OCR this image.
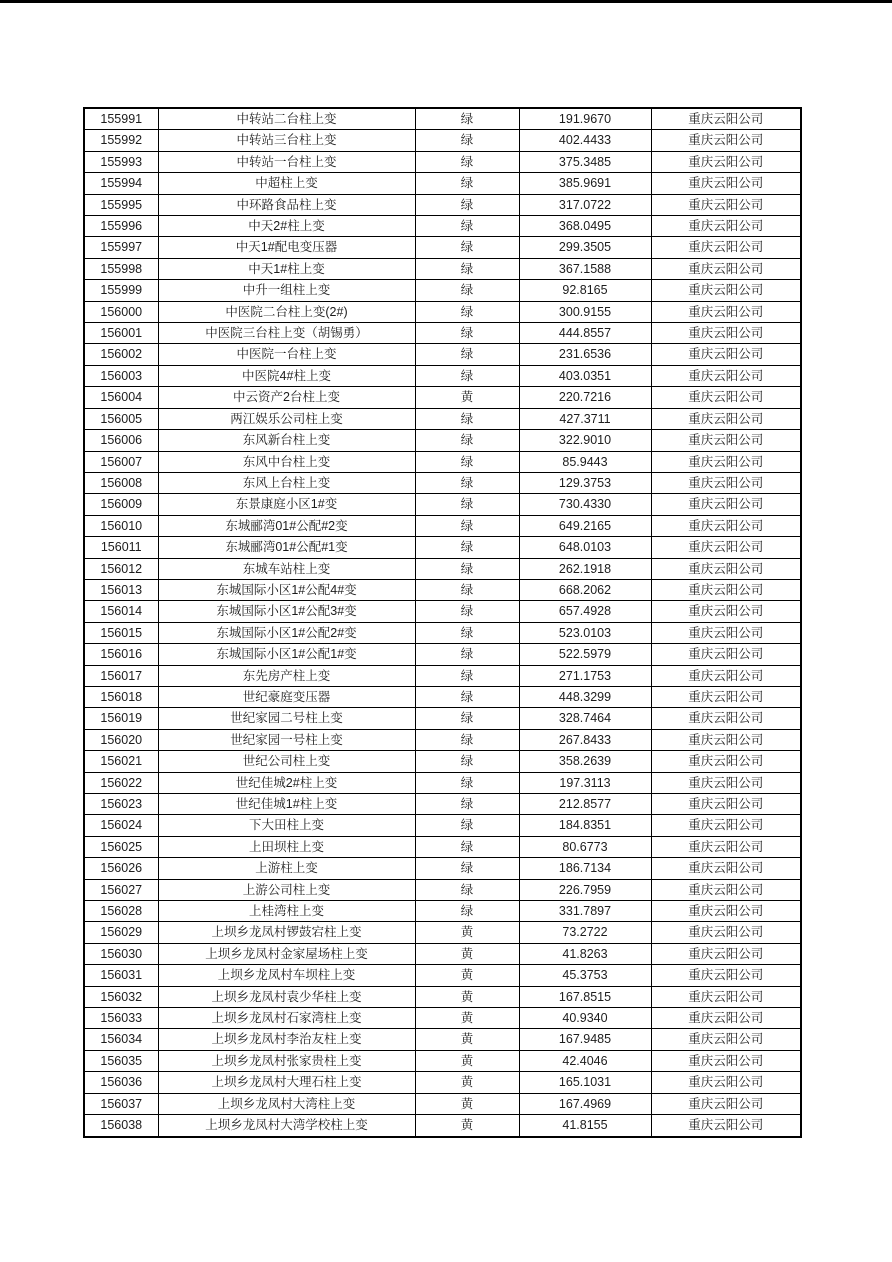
155991	中转站二台柱上变	绿	191.9670	重庆云阳公司
155992	中转站三台柱上变	绿	402.4433	重庆云阳公司
155993	中转站一台柱上变	绿	375.3485	重庆云阳公司
155994	中超柱上变	绿	385.9691	重庆云阳公司
155995	中环路食品柱上变	绿	317.0722	重庆云阳公司
155996	中天2#柱上变	绿	368.0495	重庆云阳公司
155997	中天1#配电变压器	绿	299.3505	重庆云阳公司
155998	中天1#柱上变	绿	367.1588	重庆云阳公司
155999	中升一组柱上变	绿	92.8165	重庆云阳公司
156000	中医院二台柱上变(2#)	绿	300.9155	重庆云阳公司
156001	中医院三台柱上变（胡锡勇）	绿	444.8557	重庆云阳公司
156002	中医院一台柱上变	绿	231.6536	重庆云阳公司
156003	中医院4#柱上变	绿	403.0351	重庆云阳公司
156004	中云资产2台柱上变	黄	220.7216	重庆云阳公司
156005	两江娱乐公司柱上变	绿	427.3711	重庆云阳公司
156006	东风新台柱上变	绿	322.9010	重庆云阳公司
156007	东风中台柱上变	绿	85.9443	重庆云阳公司
156008	东风上台柱上变	绿	129.3753	重庆云阳公司
156009	东景康庭小区1#变	绿	730.4330	重庆云阳公司
156010	东城郦湾01#公配#2变	绿	649.2165	重庆云阳公司
156011	东城郦湾01#公配#1变	绿	648.0103	重庆云阳公司
156012	东城车站柱上变	绿	262.1918	重庆云阳公司
156013	东城国际小区1#公配4#变	绿	668.2062	重庆云阳公司
156014	东城国际小区1#公配3#变	绿	657.4928	重庆云阳公司
156015	东城国际小区1#公配2#变	绿	523.0103	重庆云阳公司
156016	东城国际小区1#公配1#变	绿	522.5979	重庆云阳公司
156017	东先房产柱上变	绿	271.1753	重庆云阳公司
156018	世纪豪庭变压器	绿	448.3299	重庆云阳公司
156019	世纪家园二号柱上变	绿	328.7464	重庆云阳公司
156020	世纪家园一号柱上变	绿	267.8433	重庆云阳公司
156021	世纪公司柱上变	绿	358.2639	重庆云阳公司
156022	世纪佳城2#柱上变	绿	197.3113	重庆云阳公司
156023	世纪佳城1#柱上变	绿	212.8577	重庆云阳公司
156024	下大田柱上变	绿	184.8351	重庆云阳公司
156025	上田坝柱上变	绿	80.6773	重庆云阳公司
156026	上游柱上变	绿	186.7134	重庆云阳公司
156027	上游公司柱上变	绿	226.7959	重庆云阳公司
156028	上桂湾柱上变	绿	331.7897	重庆云阳公司
156029	上坝乡龙凤村锣鼓宕柱上变	黄	73.2722	重庆云阳公司
156030	上坝乡龙凤村金家屋场柱上变	黄	41.8263	重庆云阳公司
156031	上坝乡龙凤村车坝柱上变	黄	45.3753	重庆云阳公司
156032	上坝乡龙凤村袁少华柱上变	黄	167.8515	重庆云阳公司
156033	上坝乡龙凤村石家湾柱上变	黄	40.9340	重庆云阳公司
156034	上坝乡龙凤村李治友柱上变	黄	167.9485	重庆云阳公司
156035	上坝乡龙凤村张家贵柱上变	黄	42.4046	重庆云阳公司
156036	上坝乡龙凤村大理石柱上变	黄	165.1031	重庆云阳公司
156037	上坝乡龙凤村大湾柱上变	黄	167.4969	重庆云阳公司
156038	上坝乡龙凤村大湾学校柱上变	黄	41.8155	重庆云阳公司
